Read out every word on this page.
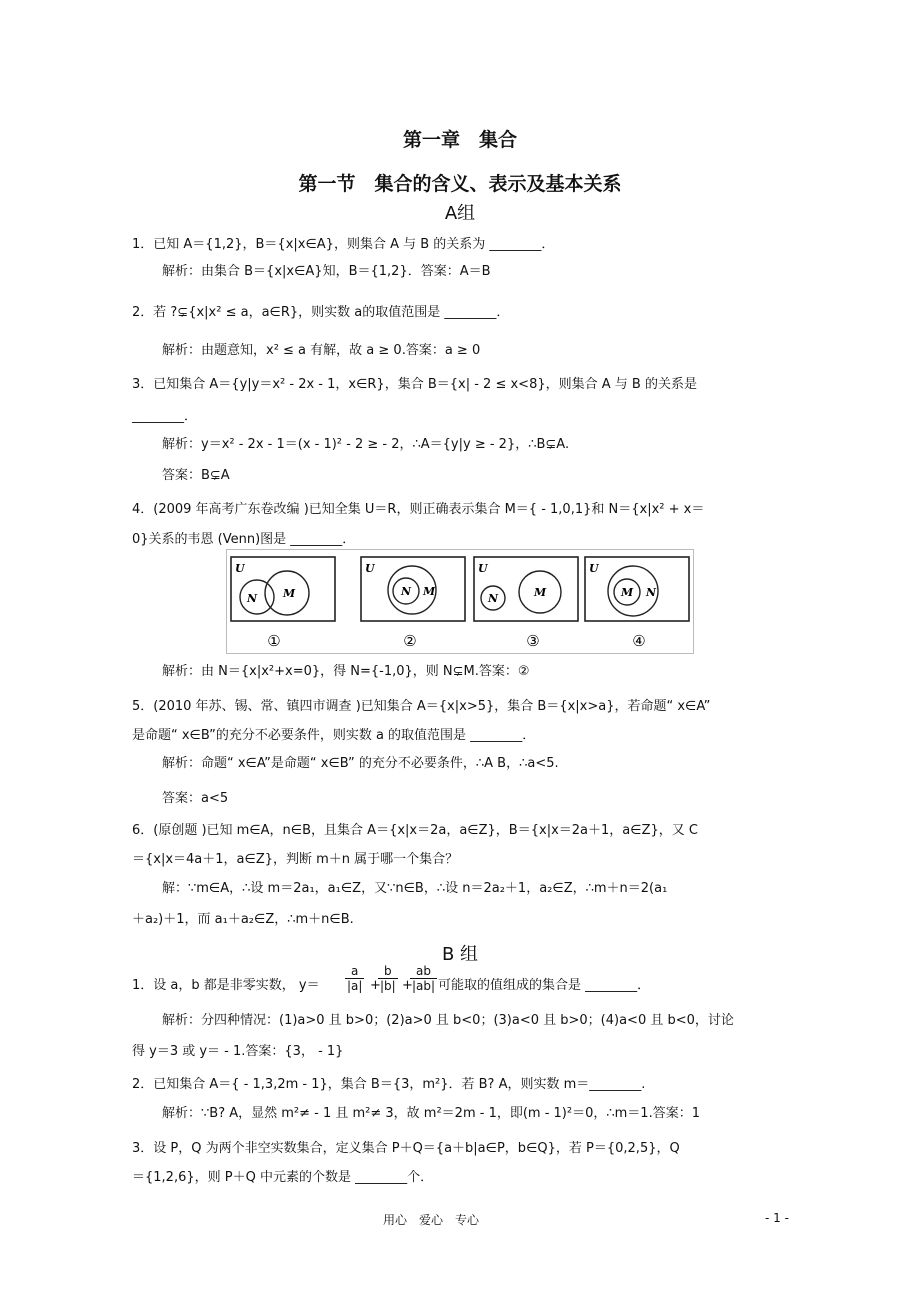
第一章　集合
第一节　集合的含义、表示及基本关系
A组
1．已知 A＝{1,2}，B＝{x|x∈A}，则集合 A 与 B 的关系为 ________．
解析：由集合 B＝{x|x∈A}知，B＝{1,2}．答案：A＝B
2．若 ?⊊{x|x² ≤ a，a∈R}，则实数 a的取值范围是 ________．
解析：由题意知，x² ≤ a 有解，故 a ≥ 0.答案：a ≥ 0
3．已知集合 A＝{y|y＝x² - 2x - 1，x∈R}，集合 B＝{x| - 2 ≤ x<8}，则集合 A 与 B 的关系是
________．
解析：y＝x² - 2x - 1＝(x - 1)² - 2 ≥ - 2，∴A＝{y|y ≥ - 2}，∴B⊊A.
答案：B⊊A
4．(2009 年高考广东卷改编 )已知全集 U＝R，则正确表示集合 M＝{ - 1,0,1}和 N＝{x|x² + x＝
0}关系的韦恩 (Venn)图是 ________．
U
N M
①
U
N M
②
U
N	M
③
U
M N
④
解析：由 N＝{x|x²+x=0}，得 N={-1,0}，则 N⊊M.答案：②
5．(2010 年苏、锡、常、镇四市调查 )已知集合 A＝{x|x>5}，集合 B＝{x|x>a}，若命题“ x∈A”
是命题“ x∈B”的充分不必要条件，则实数 a 的取值范围是 ________．
解析：命题“ x∈A”是命题“ x∈B” 的充分不必要条件，∴A B，∴a<5.
答案：a<5
6．(原创题 )已知 m∈A，n∈B，且集合 A＝{x|x＝2a，a∈Z}，B＝{x|x＝2a＋1，a∈Z}，又 C
＝{x|x＝4a＋1，a∈Z}，判断 m＋n 属于哪一个集合？
解：∵m∈A，∴设 m＝2a₁，a₁∈Z，又∵n∈B，∴设 n＝2a₂＋1，a₂∈Z，∴m＋n＝2(a₁
＋a₂)＋1，而 a₁＋a₂∈Z，∴m＋n∈B.
B 组
1．设 a，b 都是非零实数， $y= \frac{a}{|a|}$ +
$\frac{b}{|b|}$ +
$\frac{ab}{|ab|}$ 可能取的值组成的集合是 ________．
解析：分四种情况：(1)a>0 且 b>0；(2)a>0 且 b<0；(3)a<0 且 b>0；(4)a<0 且 b<0，讨论
得 y＝3 或 y＝ - 1.答案：{3， - 1}
2．已知集合 A＝{ - 1,3,2m - 1}，集合 B＝{3，m²}．若 B? A，则实数 m＝________.
解析：∵B? A，显然 m²≠ - 1 且 m²≠ 3，故 m²＝2m - 1，即(m - 1)²＝0，∴m＝1.答案：1
3．设 P，Q 为两个非空实数集合，定义集合 P＋Q＝{a＋b|a∈P，b∈Q}，若 P＝{0,2,5}，Q
＝{1,2,6}，则 P＋Q 中元素的个数是 ________个．
用心　爱心　专心	- 1 -
